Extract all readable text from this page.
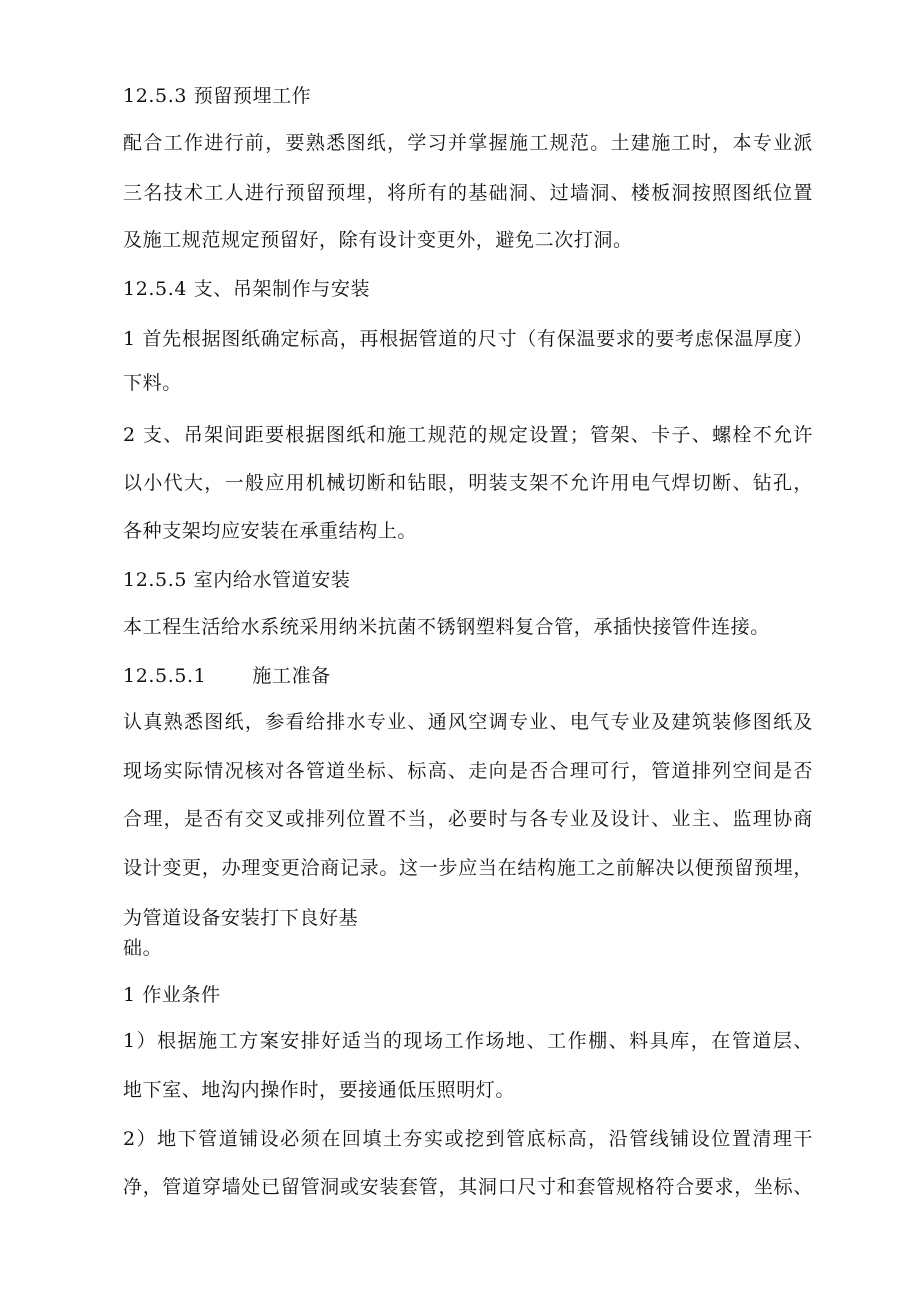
12.5.3 预留预埋工作
配合工作进行前，要熟悉图纸，学习并掌握施工规范。土建施工时，本专业派
三名技术工人进行预留预埋，将所有的基础洞、过墙洞、楼板洞按照图纸位置
及施工规范规定预留好，除有设计变更外，避免二次打洞。
12.5.4 支、吊架制作与安装
1 首先根据图纸确定标高，再根据管道的尺寸（有保温要求的要考虑保温厚度）
下料。
2 支、吊架间距要根据图纸和施工规范的规定设置；管架、卡子、螺栓不允许
以小代大，一般应用机械切断和钻眼，明装支架不允许用电气焊切断、钻孔，
各种支架均应安装在承重结构上。
12.5.5 室内给水管道安装
本工程生活给水系统采用纳米抗菌不锈钢塑料复合管，承插快接管件连接。
12.5.5.1 施工准备
认真熟悉图纸，参看给排水专业、通风空调专业、电气专业及建筑装修图纸及
现场实际情况核对各管道坐标、标高、走向是否合理可行，管道排列空间是否
合理，是否有交叉或排列位置不当，必要时与各专业及设计、业主、监理协商
设计变更，办理变更洽商记录。这一步应当在结构施工之前解决以便预留预埋，
为管道设备安装打下良好基
础。
1 作业条件
1）根据施工方案安排好适当的现场工作场地、工作棚、料具库，在管道层、
地下室、地沟内操作时，要接通低压照明灯。
2）地下管道铺设必须在回填土夯实或挖到管底标高，沿管线铺设位置清理干
净，管道穿墙处已留管洞或安装套管，其洞口尺寸和套管规格符合要求，坐标、
